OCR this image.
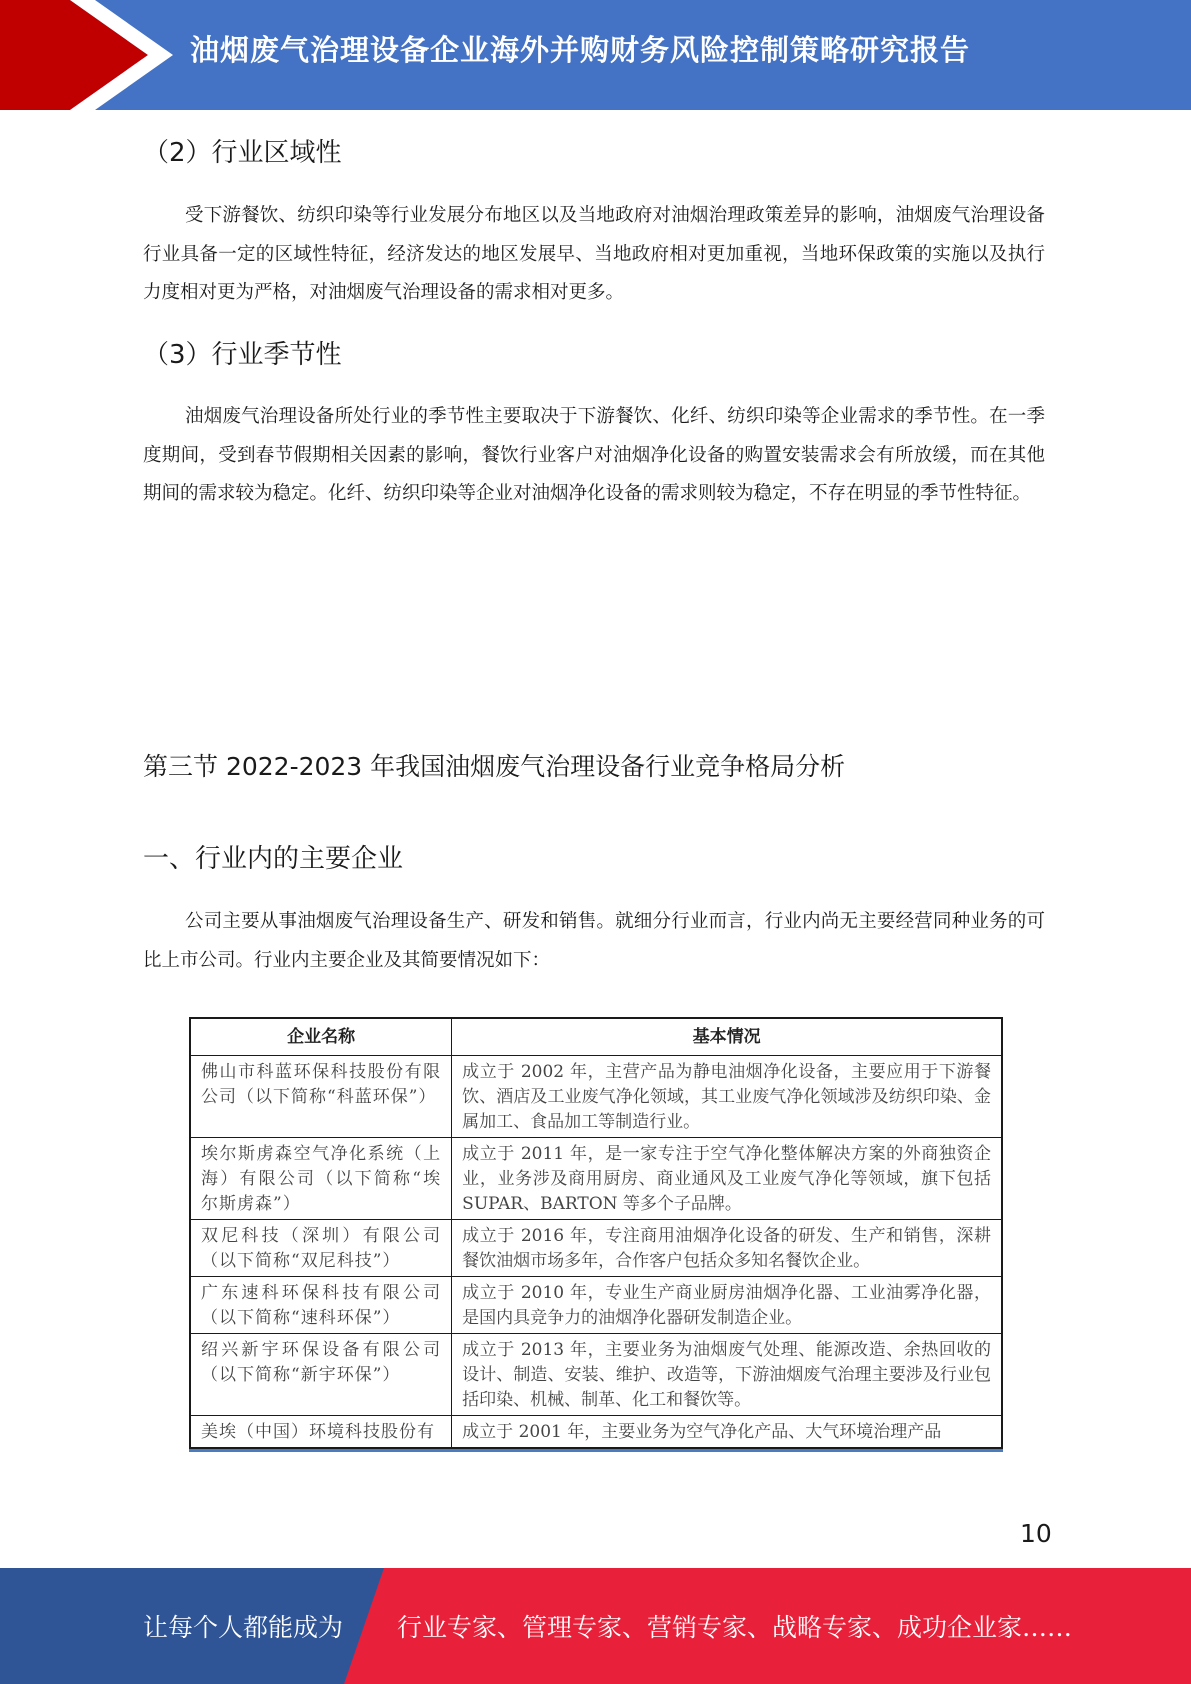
油烟废气治理设备企业海外并购财务风险控制策略研究报告
（2）行业区域性
受下游餐饮、纺织印染等行业发展分布地区以及当地政府对油烟治理政策差异的影响，油烟废气治理设备行业具备一定的区域性特征，经济发达的地区发展早、当地政府相对更加重视，当地环保政策的实施以及执行力度相对更为严格，对油烟废气治理设备的需求相对更多。
（3）行业季节性
油烟废气治理设备所处行业的季节性主要取决于下游餐饮、化纤、纺织印染等企业需求的季节性。在一季度期间，受到春节假期相关因素的影响，餐饮行业客户对油烟净化设备的购置安装需求会有所放缓，而在其他期间的需求较为稳定。化纤、纺织印染等企业对油烟净化设备的需求则较为稳定，不存在明显的季节性特征。
第三节 2022-2023 年我国油烟废气治理设备行业竞争格局分析
一、行业内的主要企业
公司主要从事油烟废气治理设备生产、研发和销售。就细分行业而言，行业内尚无主要经营同种业务的可比上市公司。行业内主要企业及其简要情况如下：
企业名称	基本情况
佛山市科蓝环保科技股份有限公司（以下简称“科蓝环保”）	成立于 2002 年，主营产品为静电油烟净化设备，主要应用于下游餐饮、酒店及工业废气净化领域，其工业废气净化领域涉及纺织印染、金属加工、食品加工等制造行业。
埃尔斯虏森空气净化系统（上海）有限公司（以下简称“埃尔斯虏森”）	成立于 2011 年，是一家专注于空气净化整体解决方案的外商独资企业，业务涉及商用厨房、商业通风及工业废气净化等领域，旗下包括 SUPAR、BARTON 等多个子品牌。
双尼科技（深圳）有限公司（以下简称“双尼科技”）	成立于 2016 年，专注商用油烟净化设备的研发、生产和销售，深耕餐饮油烟市场多年，合作客户包括众多知名餐饮企业。
广东速科环保科技有限公司（以下简称“速科环保”）	成立于 2010 年，专业生产商业厨房油烟净化器、工业油雾净化器，是国内具竞争力的油烟净化器研发制造企业。
绍兴新宇环保设备有限公司（以下简称“新宇环保”）	成立于 2013 年，主要业务为油烟废气处理、能源改造、余热回收的设计、制造、安装、维护、改造等，下游油烟废气治理主要涉及行业包括印染、机械、制革、化工和餐饮等。
美埃（中国）环境科技股份有	成立于 2001 年，主要业务为空气净化产品、大气环境治理产品
10
让每个人都能成为 行业专家、管理专家、营销专家、战略专家、成功企业家……
